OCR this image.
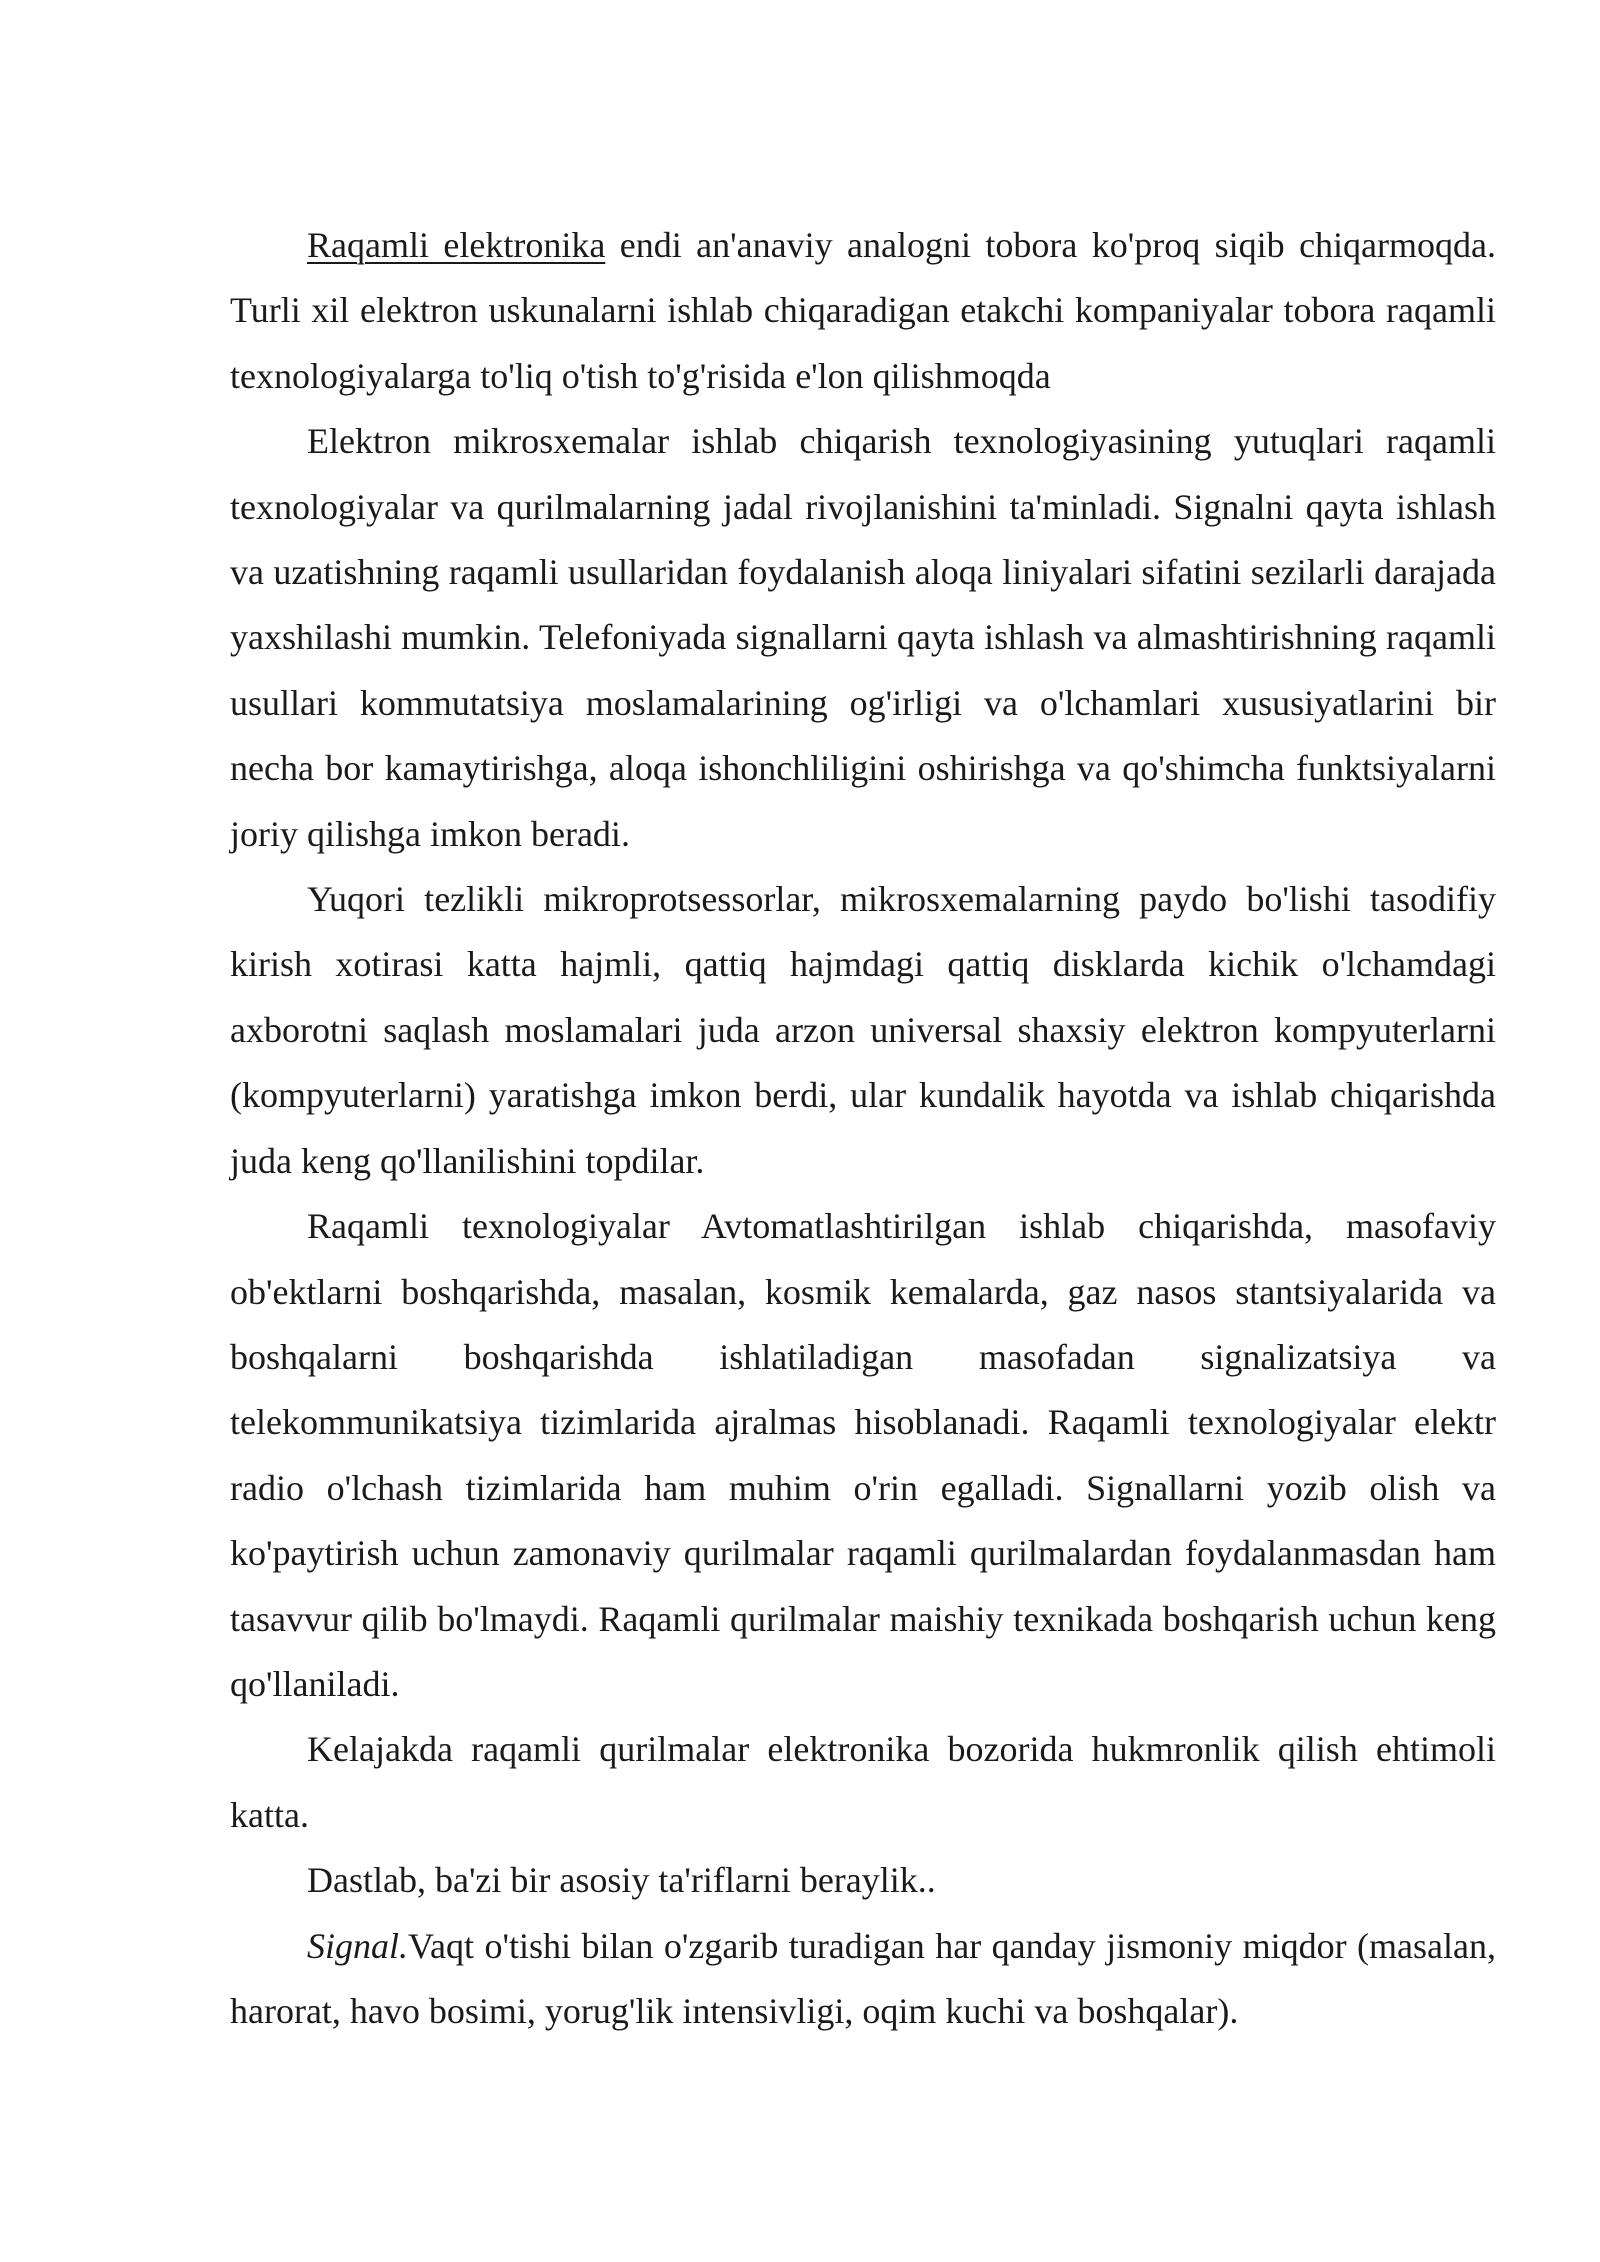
Raqamli elektronika endi an'anaviy analogni tobora ko'proq siqib chiqarmoqda. Turli xil elektron uskunalarni ishlab chiqaradigan etakchi kompaniyalar tobora raqamli texnologiyalarga to'liq o'tish to'g'risida e'lon qilishmoqda

Elektron mikrosxemalar ishlab chiqarish texnologiyasining yutuqlari raqamli texnologiyalar va qurilmalarning jadal rivojlanishini ta'minladi. Signalni qayta ishlash va uzatishning raqamli usullaridan foydalanish aloqa liniyalari sifatini sezilarli darajada yaxshilashi mumkin. Telefoniyada signallarni qayta ishlash va almashtirishning raqamli usullari kommutatsiya moslamalarining og'irligi va o'lchamlari xususiyatlarini bir necha bor kamaytirishga, aloqa ishonchliligini oshirishga va qo'shimcha funktsiyalarni joriy qilishga imkon beradi.

Yuqori tezlikli mikroprotsessorlar, mikrosxemalarning paydo bo'lishi tasodifiy kirish xotirasi katta hajmli, qattiq hajmdagi qattiq disklarda kichik o'lchamdagi axborotni saqlash moslamalari juda arzon universal shaxsiy elektron kompyuterlarni (kompyuterlarni) yaratishga imkon berdi, ular kundalik hayotda va ishlab chiqarishda juda keng qo'llanilishini topdilar.

Raqamli texnologiyalar Avtomatlashtirilgan ishlab chiqarishda, masofaviy ob'ektlarni boshqarishda, masalan, kosmik kemalarda, gaz nasos stantsiyalarida va boshqalarni boshqarishda ishlatiladigan masofadan signalizatsiya va telekommunikatsiya tizimlarida ajralmas hisoblanadi. Raqamli texnologiyalar elektr radio o'lchash tizimlarida ham muhim o'rin egalladi. Signallarni yozib olish va ko'paytirish uchun zamonaviy qurilmalar raqamli qurilmalardan foydalanmasdan ham tasavvur qilib bo'lmaydi. Raqamli qurilmalar maishiy texnikada boshqarish uchun keng qo'llaniladi.

Kelajakda raqamli qurilmalar elektronika bozorida hukmronlik qilish ehtimoli katta.

Dastlab, ba'zi bir asosiy ta'riflarni beraylik..

Signal.Vaqt o'tishi bilan o'zgarib turadigan har qanday jismoniy miqdor (masalan, harorat, havo bosimi, yorug'lik intensivligi, oqim kuchi va boshqalar).
